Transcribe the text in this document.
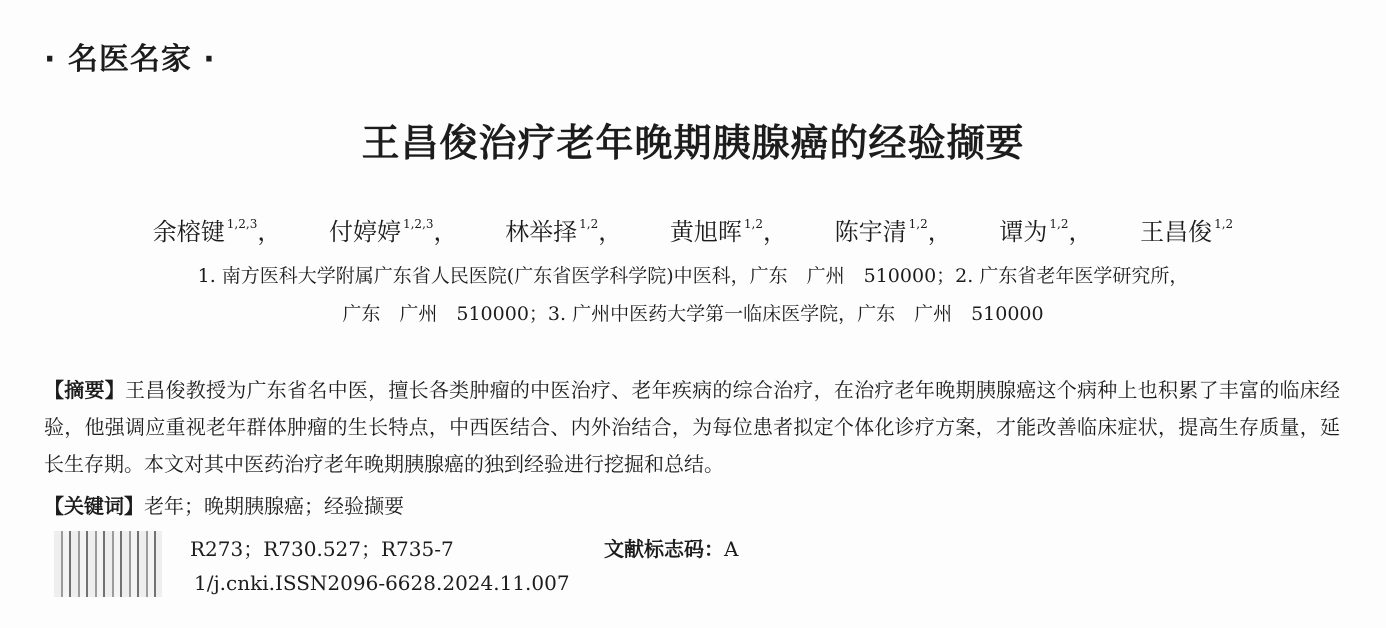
· 名医名家 ·
王昌俊治疗老年晚期胰腺癌的经验撷要
余榕键 $^{1,2,3}$， 付婷婷 $^{1,2,3}$， 林举择 $^{1,2}$， 黄旭晖 $^{1,2}$， 陈宇清 $^{1,2}$， 谭为 $^{1,2}$， 王昌俊 $^{1,2}$
1. 南方医科大学附属广东省人民医院(广东省医学科学院)中医科，广东　广州　510000；2. 广东省老年医学研究所，
广东　广州　510000；3. 广州中医药大学第一临床医学院，广东　广州　510000
【摘要】王昌俊教授为广东省名中医，擅长各类肿瘤的中医治疗、老年疾病的综合治疗，在治疗老年晚期胰腺癌这个病种上也积累了丰富的临床经验，他强调应重视老年群体肿瘤的生长特点，中西医结合、内外治结合，为每位患者拟定个体化诊疗方案，才能改善临床症状，提高生存质量，延长生存期。本文对其中医药治疗老年晚期胰腺癌的独到经验进行挖掘和总结。
【关键词】老年；晚期胰腺癌；经验撷要
R273；R730.527；R735-7	文献标志码：A
1/j.cnki.ISSN2096-6628.2024.11.007
